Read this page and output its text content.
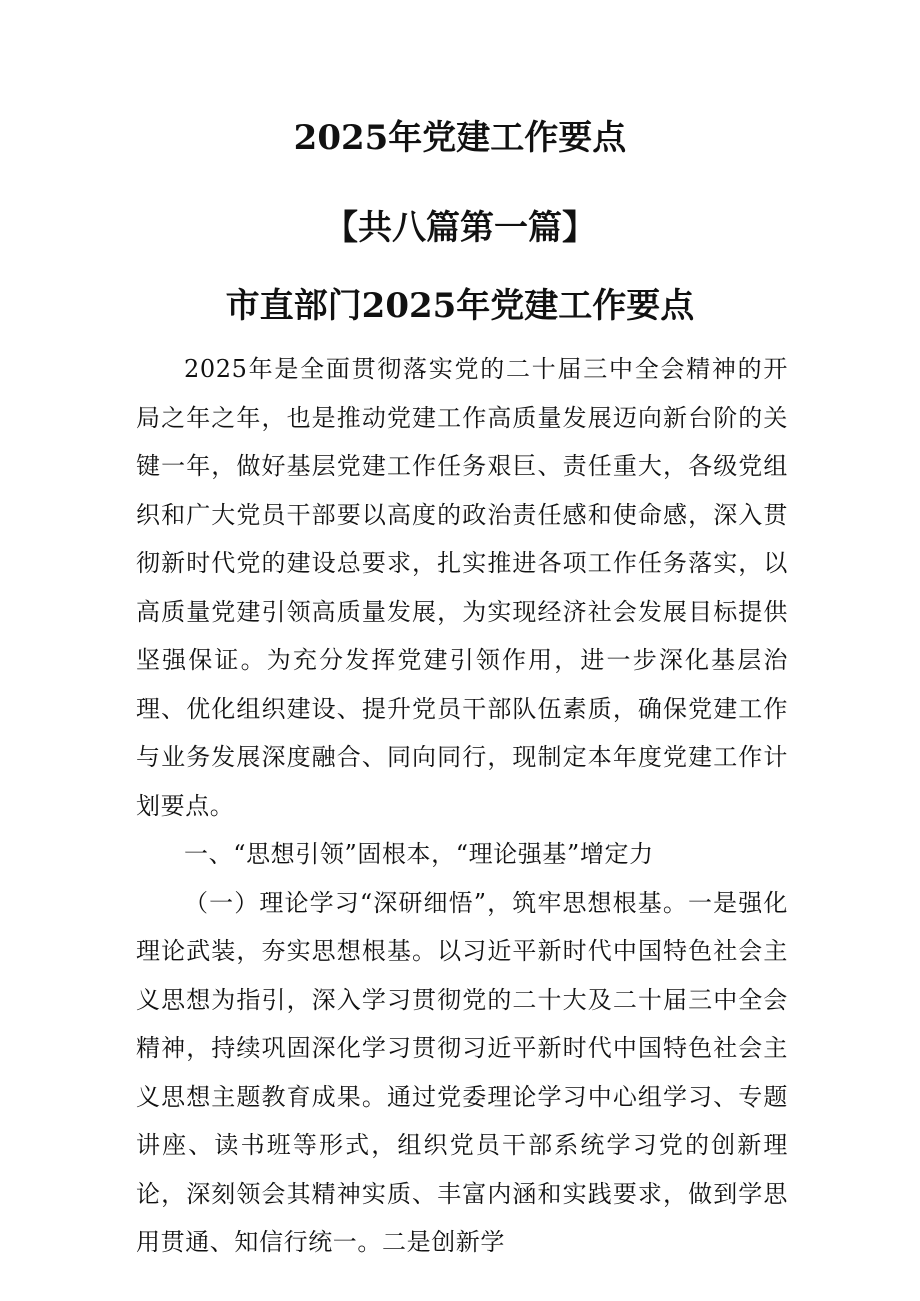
2025年党建工作要点
【共八篇第一篇】
市直部门2025年党建工作要点

2025年是全面贯彻落实党的二十届三中全会精神的开局之年之年，也是推动党建工作高质量发展迈向新台阶的关键一年，做好基层党建工作任务艰巨、责任重大，各级党组织和广大党员干部要以高度的政治责任感和使命感，深入贯彻新时代党的建设总要求，扎实推进各项工作任务落实，以高质量党建引领高质量发展，为实现经济社会发展目标提供坚强保证。为充分发挥党建引领作用，进一步深化基层治理、优化组织建设、提升党员干部队伍素质，确保党建工作与业务发展深度融合、同向同行，现制定本年度党建工作计划要点。

一、“思想引领”固根本，“理论强基”增定力

（一）理论学习“深研细悟”，筑牢思想根基。一是强化理论武装，夯实思想根基。以习近平新时代中国特色社会主义思想为指引，深入学习贯彻党的二十大及二十届三中全会精神，持续巩固深化学习贯彻习近平新时代中国特色社会主义思想主题教育成果。通过党委理论学习中心组学习、专题讲座、读书班等形式，组织党员干部系统学习党的创新理论，深刻领会其精神实质、丰富内涵和实践要求，做到学思用贯通、知信行统一。二是创新学
